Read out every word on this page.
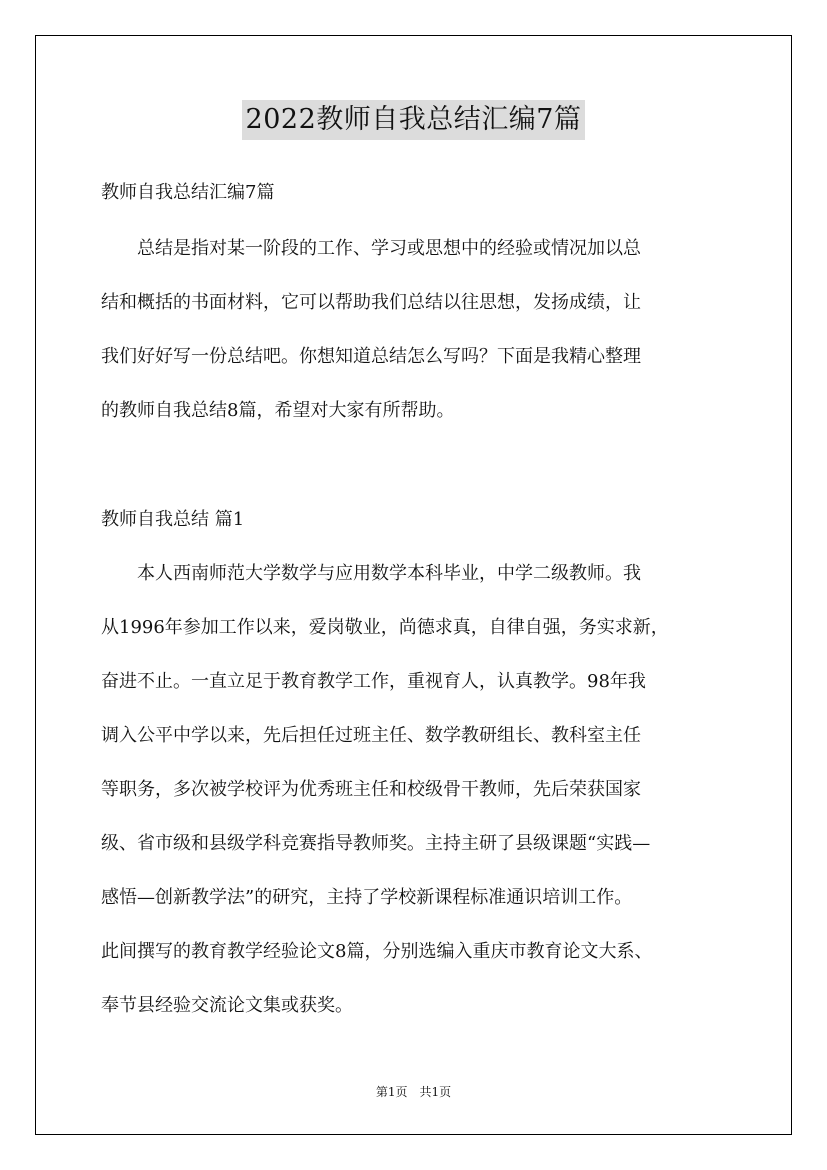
2022教师自我总结汇编7篇
教师自我总结汇编7篇

　　总结是指对某一阶段的工作、学习或思想中的经验或情况加以总
结和概括的书面材料，它可以帮助我们总结以往思想，发扬成绩，让
我们好好写一份总结吧。你想知道总结怎么写吗？下面是我精心整理
的教师自我总结8篇，希望对大家有所帮助。

教师自我总结 篇1

　　本人西南师范大学数学与应用数学本科毕业，中学二级教师。我
从1996年参加工作以来，爱岗敬业，尚德求真，自律自强，务实求新，
奋进不止。一直立足于教育教学工作，重视育人，认真教学。98年我
调入公平中学以来，先后担任过班主任、数学教研组长、教科室主任
等职务，多次被学校评为优秀班主任和校级骨干教师，先后荣获国家
级、省市级和县级学科竞赛指导教师奖。主持主研了县级课题“实践—
感悟—创新教学法”的研究，主持了学校新课程标准通识培训工作。
此间撰写的教育教学经验论文8篇，分别选编入重庆市教育论文大系、
奉节县经验交流论文集或获奖。

第1页　共1页
